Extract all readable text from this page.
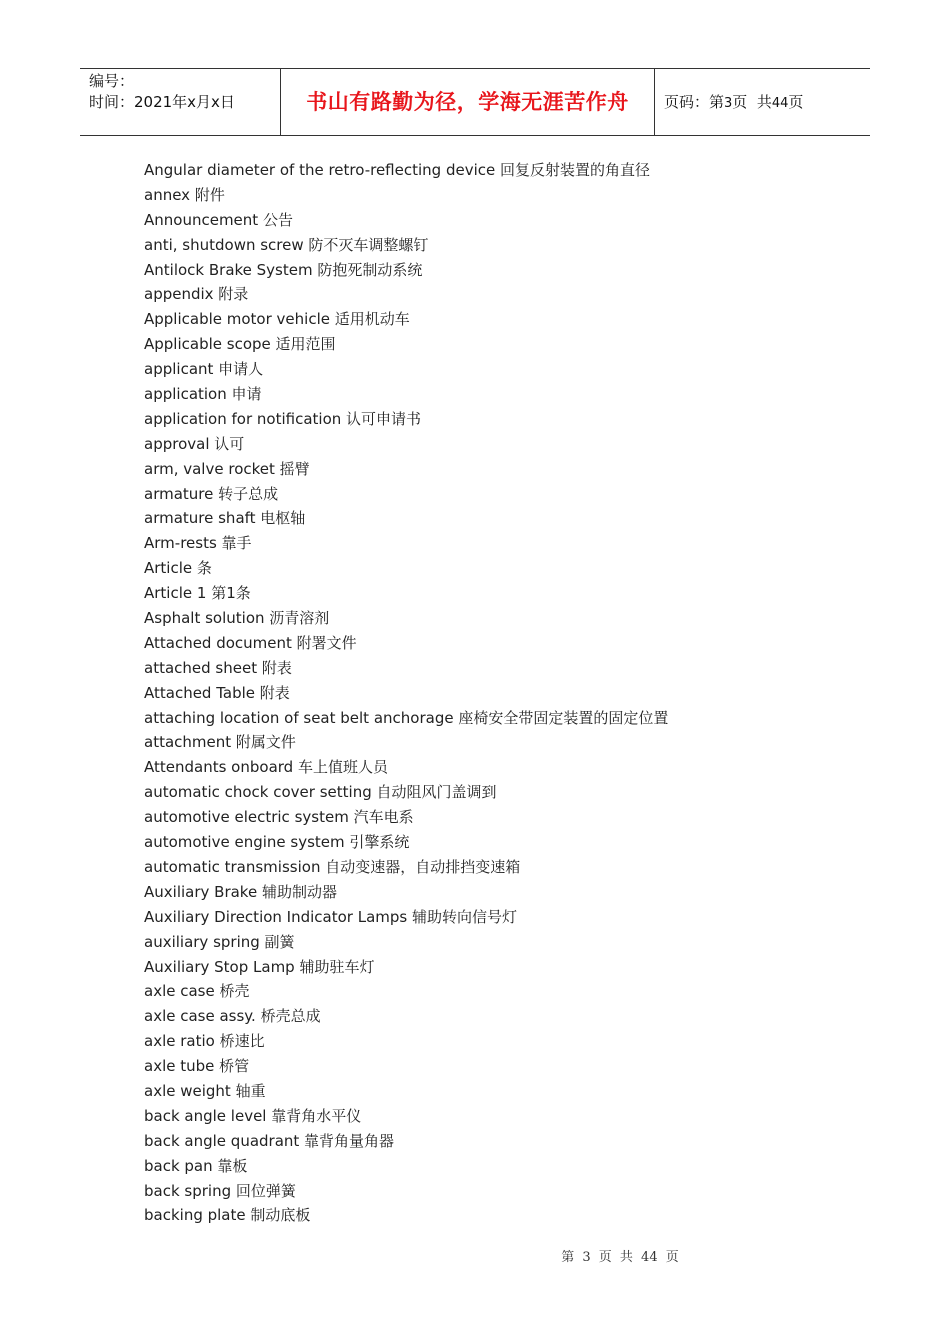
编号：
时间：2021年x月x日	书山有路勤为径，学海无涯苦作舟	页码：第3页  共44页
Angular diameter of the retro-reflecting device 回复反射装置的角直径
annex 附件
Announcement 公告
anti, shutdown screw 防不灭车调整螺钉
Antilock Brake System 防抱死制动系统
appendix 附录
Applicable motor vehicle 适用机动车
Applicable scope 适用范围
applicant 申请人
application 申请
application for notification 认可申请书
approval 认可
arm, valve rocket 摇臂
armature 转子总成
armature shaft 电枢轴
Arm-rests 靠手
Article 条
Article 1 第1条
Asphalt solution 沥青溶剂
Attached document 附署文件
attached sheet 附表
Attached Table 附表
attaching location of seat belt anchorage 座椅安全带固定装置的固定位置
attachment 附属文件
Attendants onboard 车上值班人员
automatic chock cover setting 自动阻风门盖调到
automotive electric system 汽车电系
automotive engine system 引擎系统
automatic transmission 自动变速器，自动排挡变速箱
Auxiliary Brake 辅助制动器
Auxiliary Direction Indicator Lamps 辅助转向信号灯
auxiliary spring 副簧
Auxiliary Stop Lamp 辅助驻车灯
axle case 桥壳
axle case assy. 桥壳总成
axle ratio 桥速比
axle tube 桥管
axle weight 轴重
back angle level 靠背角水平仪
back angle quadrant 靠背角量角器
back pan 靠板
back spring 回位弹簧
backing plate 制动底板
第 3 页 共 44 页
